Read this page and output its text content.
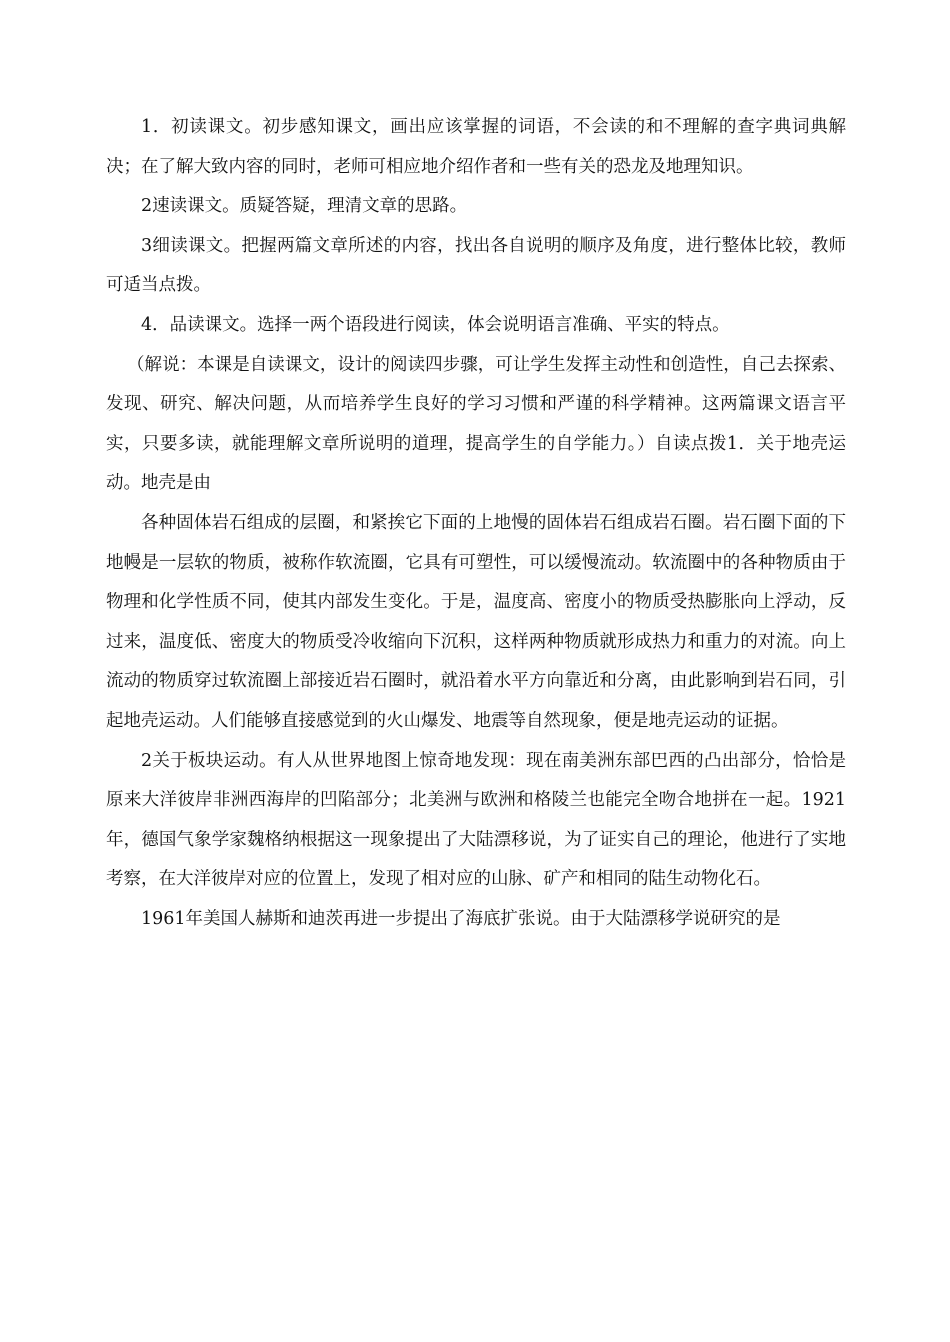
1．初读课文。初步感知课文，画出应该掌握的词语，不会读的和不理解的查字典词典解决；在了解大致内容的同时，老师可相应地介绍作者和一些有关的恐龙及地理知识。

2速读课文。质疑答疑，理清文章的思路。

3细读课文。把握两篇文章所述的内容，找出各自说明的顺序及角度，进行整体比较，教师可适当点拨。

4．品读课文。选择一两个语段进行阅读，体会说明语言准确、平实的特点。

（解说：本课是自读课文，设计的阅读四步骤，可让学生发挥主动性和创造性，自己去探索、发现、研究、解决问题，从而培养学生良好的学习习惯和严谨的科学精神。这两篇课文语言平实，只要多读，就能理解文章所说明的道理，提高学生的自学能力。）自读点拨1．关于地壳运动。地壳是由

各种固体岩石组成的层圈，和紧挨它下面的上地慢的固体岩石组成岩石圈。岩石圈下面的下地幔是一层软的物质，被称作软流圈，它具有可塑性，可以缓慢流动。软流圈中的各种物质由于物理和化学性质不同，使其内部发生变化。于是，温度高、密度小的物质受热膨胀向上浮动，反过来，温度低、密度大的物质受冷收缩向下沉积，这样两种物质就形成热力和重力的对流。向上流动的物质穿过软流圈上部接近岩石圈时，就沿着水平方向靠近和分离，由此影响到岩石同，引起地壳运动。人们能够直接感觉到的火山爆发、地震等自然现象，便是地壳运动的证据。

2关于板块运动。有人从世界地图上惊奇地发现：现在南美洲东部巴西的凸出部分，恰恰是原来大洋彼岸非洲西海岸的凹陷部分；北美洲与欧洲和格陵兰也能完全吻合地拼在一起。1921年，德国气象学家魏格纳根据这一现象提出了大陆漂移说，为了证实自己的理论，他进行了实地考察，在大洋彼岸对应的位置上，发现了相对应的山脉、矿产和相同的陆生动物化石。

1961年美国人赫斯和迪茨再进一步提出了海底扩张说。由于大陆漂移学说研究的是
